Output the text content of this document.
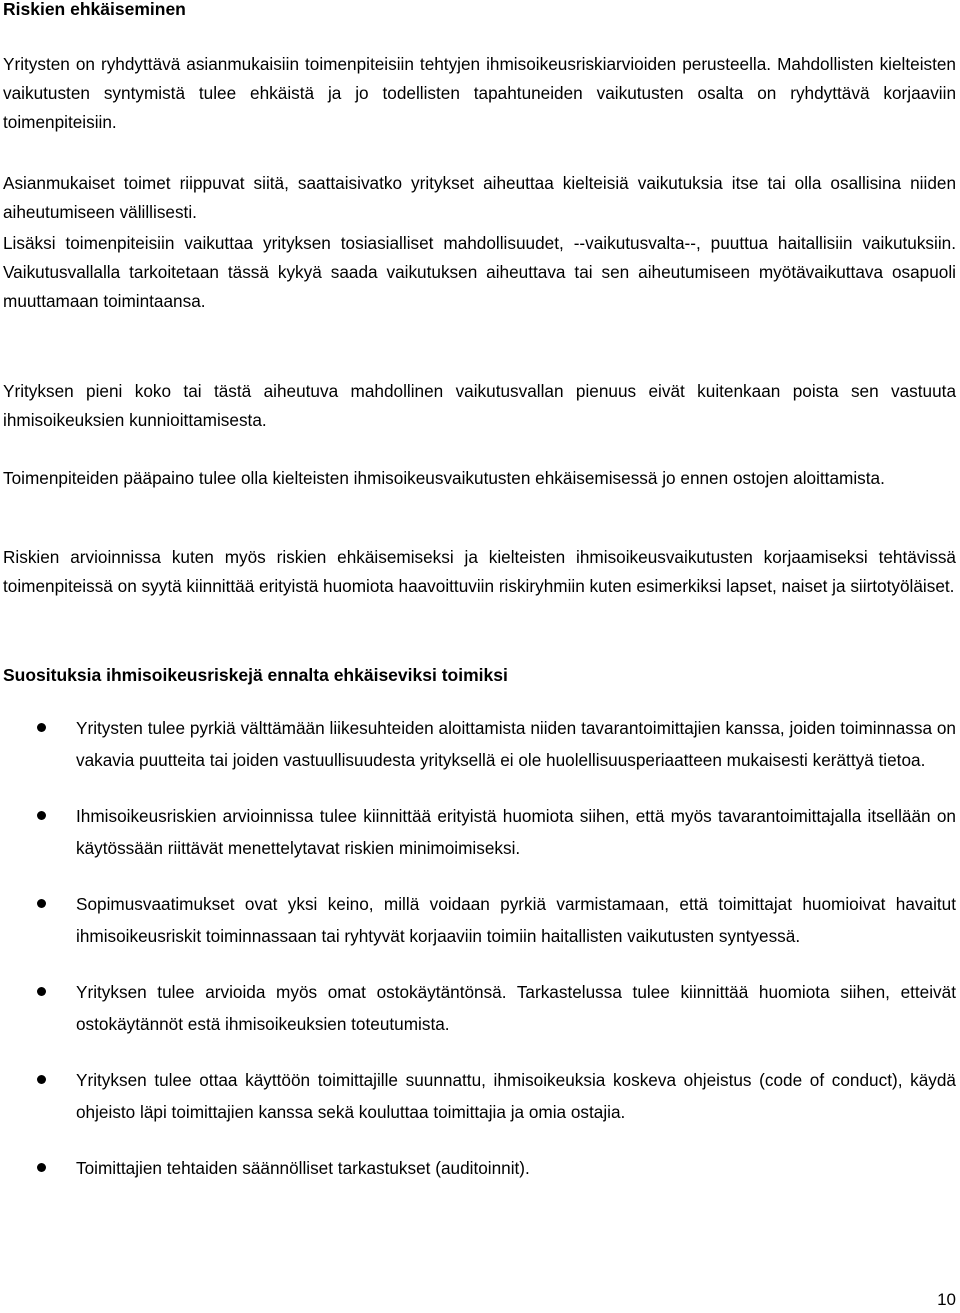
Riskien ehkäiseminen

Yritysten on ryhdyttävä asianmukaisiin toimenpiteisiin tehtyjen ihmisoikeusriskiarvioiden perusteella. Mahdollisten kielteisten vaikutusten syntymistä tulee ehkäistä ja jo todellisten tapahtuneiden vaikutusten osalta on ryhdyttävä korjaaviin toimenpiteisiin.

Asianmukaiset toimet riippuvat siitä, saattaisivatko yritykset aiheuttaa kielteisiä vaikutuksia itse tai olla osallisina niiden aiheutumiseen välillisesti.

Lisäksi toimenpiteisiin vaikuttaa yrityksen tosiasialliset mahdollisuudet, --vaikutusvalta--, puuttua haitallisiin vaikutuksiin. Vaikutusvallalla tarkoitetaan tässä kykyä saada vaikutuksen aiheuttava tai sen aiheutumiseen myötävaikuttava osapuoli muuttamaan toimintaansa.

Yrityksen pieni koko tai tästä aiheutuva mahdollinen vaikutusvallan pienuus eivät kuitenkaan poista sen vastuuta ihmisoikeuksien kunnioittamisesta.

Toimenpiteiden pääpaino tulee olla kielteisten ihmisoikeusvaikutusten ehkäisemisessä jo ennen ostojen aloittamista.

Riskien arvioinnissa kuten myös riskien ehkäisemiseksi ja kielteisten ihmisoikeusvaikutusten korjaamiseksi tehtävissä toimenpiteissä on syytä kiinnittää erityistä huomiota haavoittuviin riskiryhmiin kuten esimerkiksi lapset, naiset ja siirtotyöläiset.

Suosituksia ihmisoikeusriskejä ennalta ehkäiseviksi toimiksi
Yritysten tulee pyrkiä välttämään liikesuhteiden aloittamista niiden tavarantoimittajien kanssa, joiden toiminnassa on vakavia puutteita tai joiden vastuullisuudesta yrityksellä ei ole huolellisuusperiaatteen mukaisesti kerättyä tietoa.
Ihmisoikeusriskien arvioinnissa tulee kiinnittää erityistä huomiota siihen, että myös tavarantoimittajalla itsellään on käytössään riittävät menettelytavat riskien minimoimiseksi.
Sopimusvaatimukset ovat yksi keino, millä voidaan pyrkiä varmistamaan, että toimittajat huomioivat havaitut ihmisoikeusriskit toiminnassaan tai ryhtyvät korjaaviin toimiin haitallisten vaikutusten syntyessä.
Yrityksen tulee arvioida myös omat ostokäytäntönsä. Tarkastelussa tulee kiinnittää huomiota siihen, etteivät ostokäytännöt estä ihmisoikeuksien toteutumista.
Yrityksen tulee ottaa käyttöön toimittajille suunnattu, ihmisoikeuksia koskeva ohjeistus (code of conduct), käydä ohjeisto läpi toimittajien kanssa sekä kouluttaa toimittajia ja omia ostajia.
Toimittajien tehtaiden säännölliset tarkastukset (auditoinnit).
10
